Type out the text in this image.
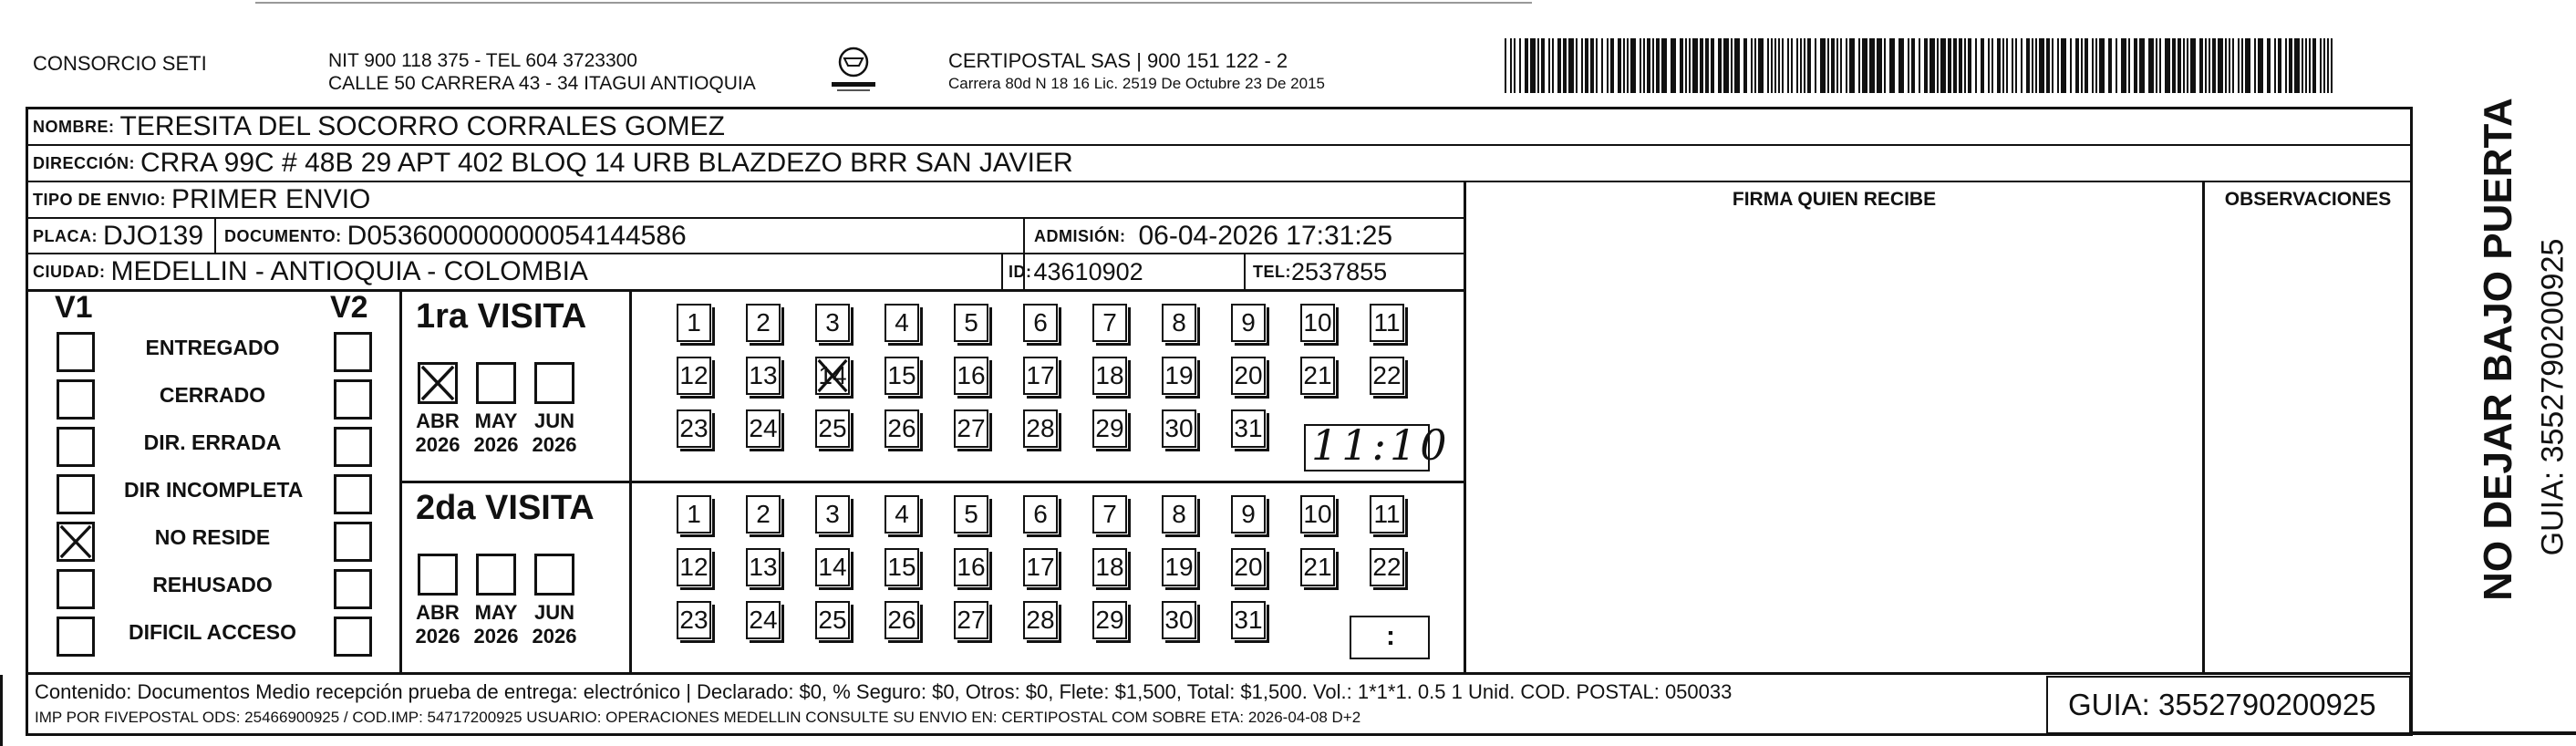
CONSORCIO SETI	NIT 900 118 375 - TEL 604 3723300
CALLE 50 CARRERA 43 - 34 ITAGUI ANTIOQUIA
CERTIPOSTAL SAS | 900 151 122 - 2
Carrera 80d N 18 16 Lic. 2519 De Octubre 23 De 2015
NOMBRE: TERESITA DEL SOCORRO CORRALES GOMEZ
DIRECCIÓN: CRRA 99C # 48B 29 APT 402 BLOQ 14 URB BLAZDEZO BRR SAN JAVIER
TIPO DE ENVIO: PRIMER ENVIO	FIRMA QUIEN RECIBE	OBSERVACIONES
PLACA: DJO139 DOCUMENTO: D053600000000054144586	ADMISIÓN: 06-04-2026 17:31:25
CIUDAD: MEDELLIN - ANTIOQUIA - COLOMBIA	ID: 43610902	TEL: 2537855
V1	V2
ENTREGADO
CERRADO
DIR. ERRADA
DIR INCOMPLETA
NO RESIDE
REHUSADO
DIFICIL ACCESO
1ra VISITA
2da VISITA
ABR
2026
MAY
2026
JUN
2026
ABR
2026
MAY
2026
JUN
2026
1	2	3	4	5	6	7	8	9	10 11
12 13 14 15 16 17 18 19 20 21 22
23 24 25 26 27 28 29 30 31
1	2	3	4	5	6	7	8	9	10 11
12 13 14 15 16 17 18 19 20 21 22
23 24 25 26 27 28 29 30 31
11:10
:
Contenido: Documentos Medio recepción prueba de entrega: electrónico | Declarado: $0, % Seguro: $0, Otros: $0, Flete: $1,500, Total: $1,500. Vol.: 1*1*1. 0.5 1 Unid. COD. POSTAL: 050033
IMP POR FIVEPOSTAL ODS: 25466900925 / COD.IMP: 54717200925 USUARIO: OPERACIONES MEDELLIN CONSULTE SU ENVIO EN: CERTIPOSTAL COM SOBRE ETA: 2026-04-08 D+2	GUIA: 3552790200925
NO DEJAR BAJO PUERTA GUIA: 3552790200925
